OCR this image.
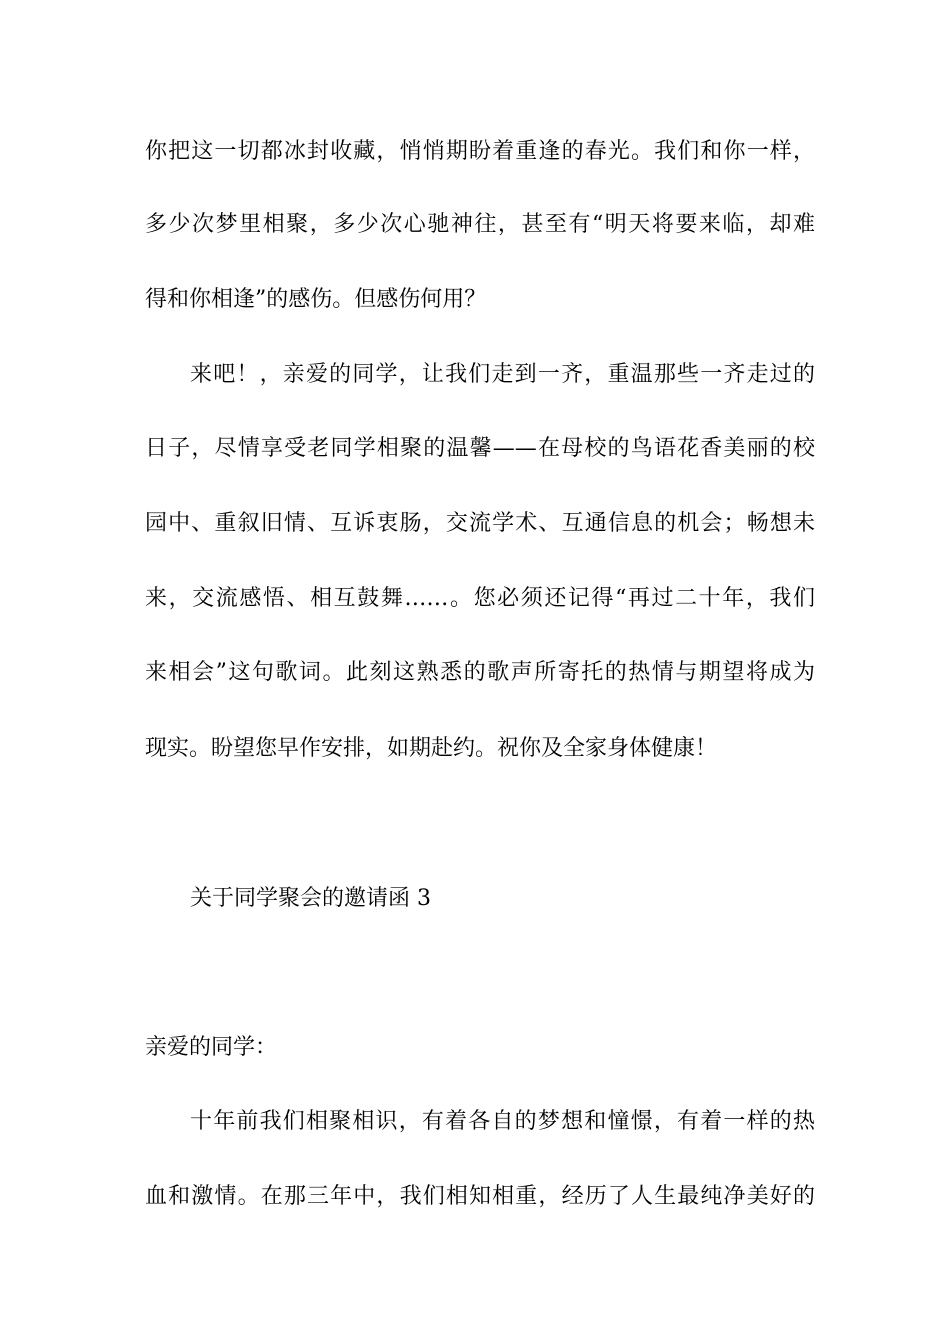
你把这一切都冰封收藏，悄悄期盼着重逢的春光。我们和你一样，
多少次梦里相聚，多少次心驰神往，甚至有“明天将要来临，却难
得和你相逢”的感伤。但感伤何用？
来吧！，亲爱的同学，让我们走到一齐，重温那些一齐走过的
日子，尽情享受老同学相聚的温馨——在母校的鸟语花香美丽的校
园中、重叙旧情、互诉衷肠，交流学术、互通信息的机会；畅想未
来，交流感悟、相互鼓舞……。您必须还记得“再过二十年，我们
来相会”这句歌词。此刻这熟悉的歌声所寄托的热情与期望将成为
现实。盼望您早作安排，如期赴约。祝你及全家身体健康！
关于同学聚会的邀请函 3
亲爱的同学：
十年前我们相聚相识，有着各自的梦想和憧憬，有着一样的热
血和激情。在那三年中，我们相知相重，经历了人生最纯净美好的
